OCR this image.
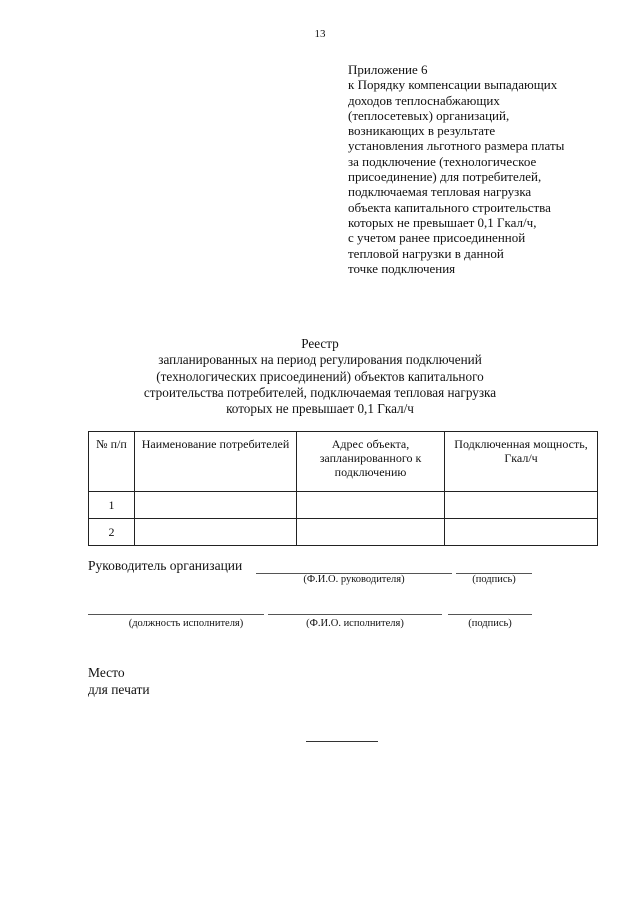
13
Приложение 6
к Порядку компенсации выпадающих
доходов теплоснабжающих
(теплосетевых) организаций,
возникающих в результате
установления льготного размера платы
за подключение (технологическое
присоединение) для потребителей,
подключаемая тепловая нагрузка
объекта капитального строительства
которых не превышает 0,1 Гкал/ч,
с учетом ранее присоединенной
тепловой нагрузки в данной
точке подключения
Реестр
запланированных на период регулирования подключений
(технологических присоединений) объектов капитального
строительства потребителей, подключаемая тепловая нагрузка
которых не превышает 0,1 Гкал/ч
№ п/п	Наименование потребителей	Адрес объекта, запланированного к подключению	Подключенная мощность, Гкал/ч
1			
2			
Руководитель организации
(Ф.И.О. руководителя)	(подпись)
(должность исполнителя)	(Ф.И.О. исполнителя)	(подпись)
Место
для печати
